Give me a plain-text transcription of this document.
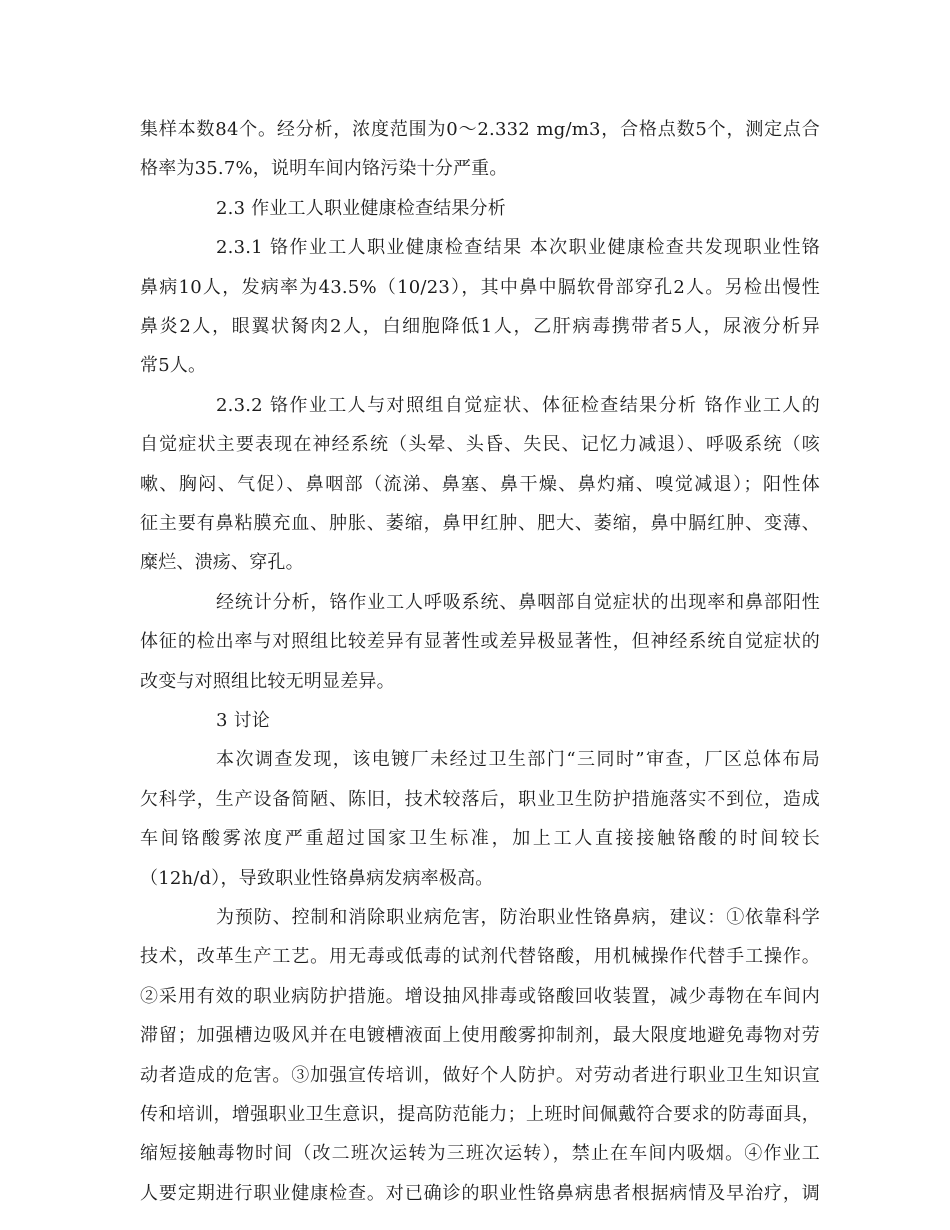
集样本数84个。经分析，浓度范围为0～2.332 mg/m3，合格点数5个，测定点合
格率为35.7%，说明车间内铬污染十分严重。
2.3 作业工人职业健康检查结果分析
2.3.1 铬作业工人职业健康检查结果 本次职业健康检查共发现职业性铬
鼻病10人，发病率为43.5%（10/23），其中鼻中膈软骨部穿孔2人。另检出慢性
鼻炎2人，眼翼状胬肉2人，白细胞降低1人，乙肝病毒携带者5人，尿液分析异
常5人。
2.3.2 铬作业工人与对照组自觉症状、体征检查结果分析 铬作业工人的
自觉症状主要表现在神经系统（头晕、头昏、失民、记忆力减退）、呼吸系统（咳
嗽、胸闷、气促）、鼻咽部（流涕、鼻塞、鼻干燥、鼻灼痛、嗅觉减退）；阳性体
征主要有鼻粘膜充血、肿胀、萎缩，鼻甲红肿、肥大、萎缩，鼻中膈红肿、变薄、
糜烂、溃疡、穿孔。
经统计分析，铬作业工人呼吸系统、鼻咽部自觉症状的出现率和鼻部阳性
体征的检出率与对照组比较差异有显著性或差异极显著性，但神经系统自觉症状的
改变与对照组比较无明显差异。
3 讨论
本次调查发现，该电镀厂未经过卫生部门“三同时”审查，厂区总体布局
欠科学，生产设备简陋、陈旧，技术较落后，职业卫生防护措施落实不到位，造成
车间铬酸雾浓度严重超过国家卫生标准，加上工人直接接触铬酸的时间较长
（12h/d），导致职业性铬鼻病发病率极高。
为预防、控制和消除职业病危害，防治职业性铬鼻病，建议：①依靠科学
技术，改革生产工艺。用无毒或低毒的试剂代替铬酸，用机械操作代替手工操作。
②采用有效的职业病防护措施。增设抽风排毒或铬酸回收装置，减少毒物在车间内
滞留；加强槽边吸风并在电镀槽液面上使用酸雾抑制剂，最大限度地避免毒物对劳
动者造成的危害。③加强宣传培训，做好个人防护。对劳动者进行职业卫生知识宣
传和培训，增强职业卫生意识，提高防范能力；上班时间佩戴符合要求的防毒面具，
缩短接触毒物时间（改二班次运转为三班次运转），禁止在车间内吸烟。④作业工
人要定期进行职业健康检查。对已确诊的职业性铬鼻病患者根据病情及早治疗，调
